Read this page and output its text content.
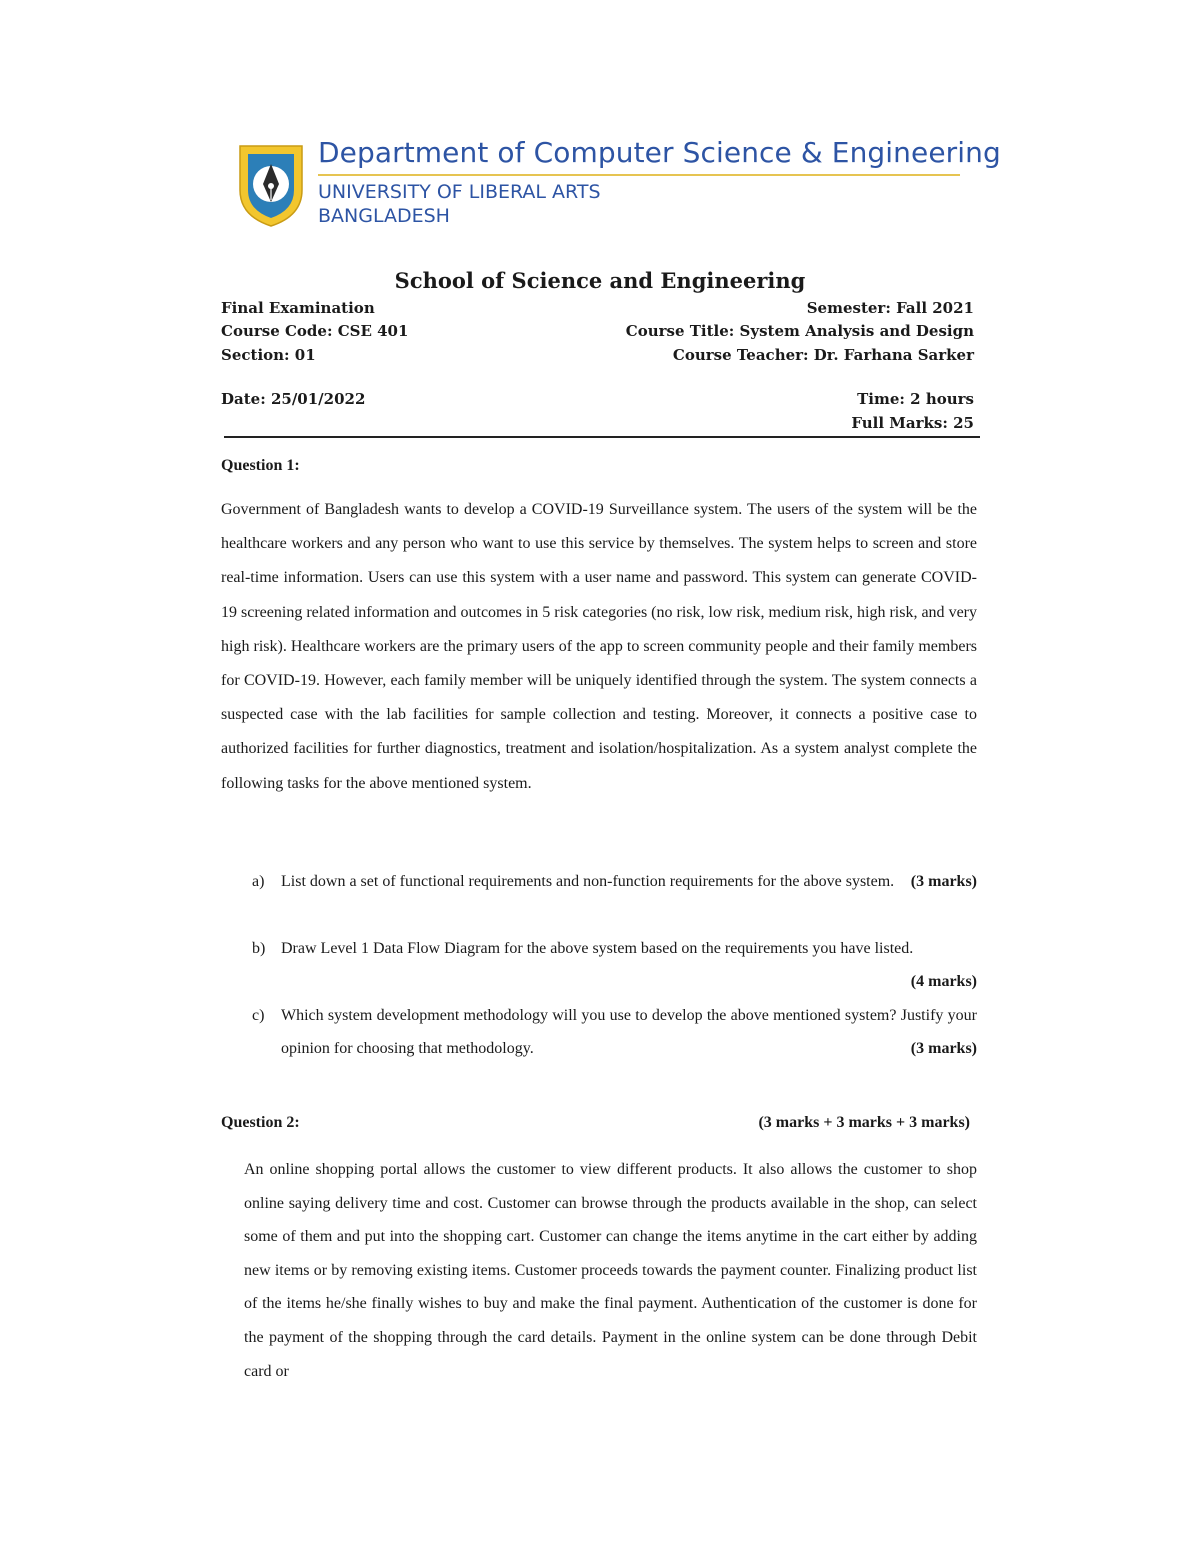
Department of Computer Science & Engineering
UNIVERSITY OF LIBERAL ARTS
BANGLADESH
School of Science and Engineering
Final Examination
Course Code: CSE 401
Section: 01
Semester: Fall 2021
Course Title: System Analysis and Design
Course Teacher: Dr. Farhana Sarker
Date: 25/01/2022	Time: 2 hours
Full Marks: 25
Question 1:
Government of Bangladesh wants to develop a COVID-19 Surveillance system. The users of the system will be the healthcare workers and any person who want to use this service by themselves. The system helps to screen and store real-time information. Users can use this system with a user name and password. This system can generate COVID-19 screening related information and outcomes in 5 risk categories (no risk, low risk, medium risk, high risk, and very high risk). Healthcare workers are the primary users of the app to screen community people and their family members for COVID-19. However, each family member will be uniquely identified through the system. The system connects a suspected case with the lab facilities for sample collection and testing. Moreover, it connects a positive case to authorized facilities for further diagnostics, treatment and isolation/hospitalization. As a system analyst complete the following tasks for the above mentioned system.
a) List down a set of functional requirements and non-function requirements for the above system. (3 marks)
b) Draw Level 1 Data Flow Diagram for the above system based on the requirements you have listed.
(4 marks)
c) Which system development methodology will you use to develop the above mentioned system? Justify your opinion for choosing that methodology.	(3 marks)
Question 2:	(3 marks + 3 marks + 3 marks)
An online shopping portal allows the customer to view different products. It also allows the customer to shop online saying delivery time and cost. Customer can browse through the products available in the shop, can select some of them and put into the shopping cart. Customer can change the items anytime in the cart either by adding new items or by removing existing items. Customer proceeds towards the payment counter. Finalizing product list of the items he/she finally wishes to buy and make the final payment. Authentication of the customer is done for the payment of the shopping through the card details. Payment in the online system can be done through Debit card or
